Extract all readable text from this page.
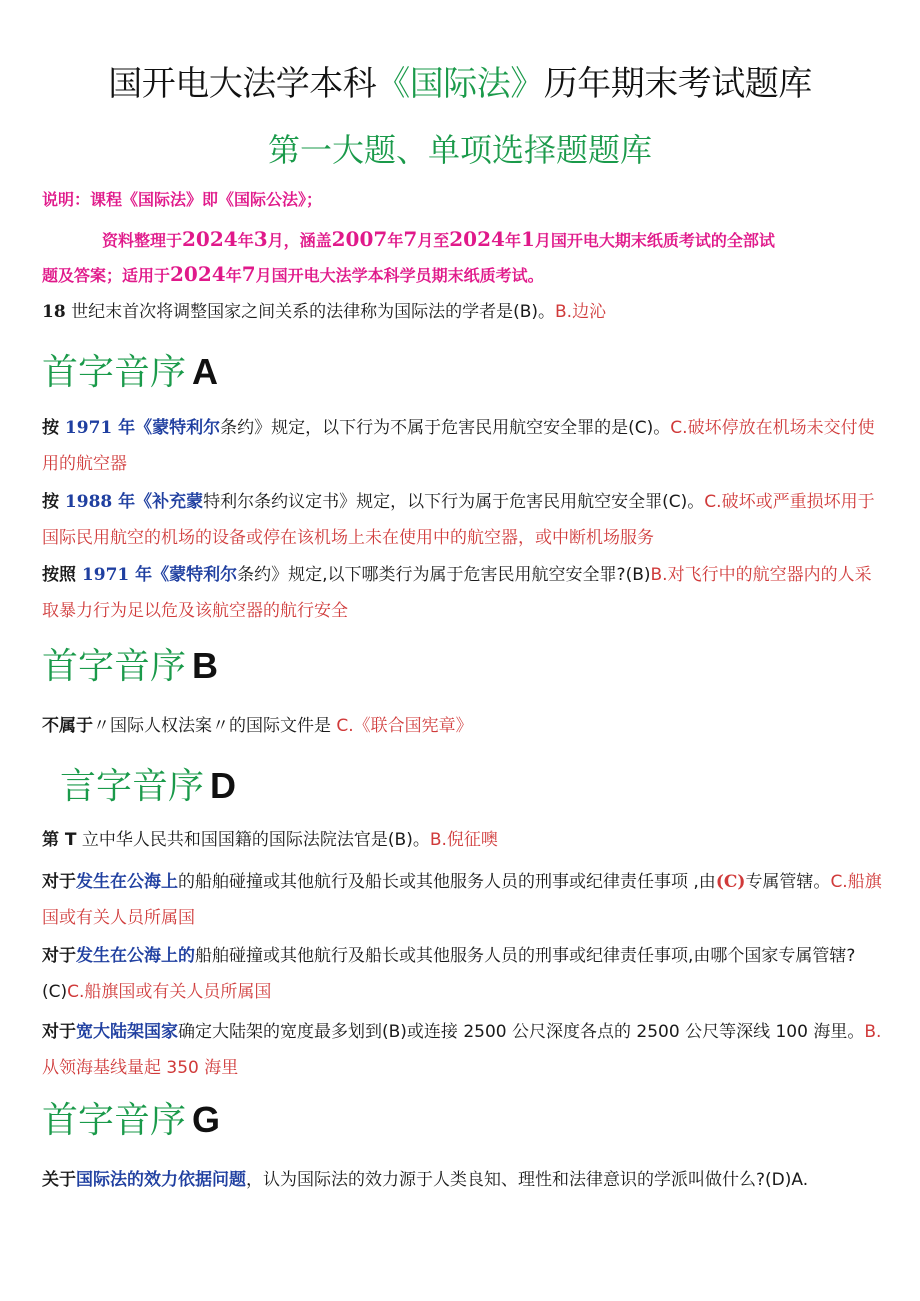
国开电大法学本科《国际法》历年期末考试题库
第一大题、单项选择题题库
说明：课程《国际法》即《国际公法》；
资料整理于2024年3月，涵盖2007年7月至2024年1月国开电大期末纸质考试的全部试
题及答案；适用于2024年7月国开电大法学本科学员期末纸质考试。
18 世纪末首次将调整国家之间关系的法律称为国际法的学者是(B)。B.边沁
首字音序 A
按 1971 年《蒙特利尔条约》规定，以下行为不属于危害民用航空安全罪的是(C)。C.破坏停放在机场未交付使用的航空器
按 1988 年《补充蒙特利尔条约议定书》规定，以下行为属于危害民用航空安全罪(C)。C.破坏或严重损坏用于国际民用航空的机场的设备或停在该机场上未在使用中的航空器，或中断机场服务
按照 1971 年《蒙特利尔条约》规定,以下哪类行为属于危害民用航空安全罪?(B)B.对飞行中的航空器内的人采取暴力行为足以危及该航空器的航行安全
首字音序 B
不属于〃国际人权法案〃的国际文件是 C.《联合国宪章》
言字音序 D
第 T 立中华人民共和国国籍的国际法院法官是(B)。B.倪征噢
对于发生在公海上的船舶碰撞或其他航行及船长或其他服务人员的刑事或纪律责任事项 ,由(C)专属管辖。C.船旗国或有关人员所属国
对于发生在公海上的船舶碰撞或其他航行及船长或其他服务人员的刑事或纪律责任事项,由哪个国家专属管辖?(C)C.船旗国或有关人员所属国
对于宽大陆架国家确定大陆架的宽度最多划到(B)或连接 2500 公尺深度各点的 2500 公尺等深线 100 海里。B.从领海基线量起 350 海里
首字音序 G
关于国际法的效力依据问题，认为国际法的效力源于人类良知、理性和法律意识的学派叫做什么?(D)A.
